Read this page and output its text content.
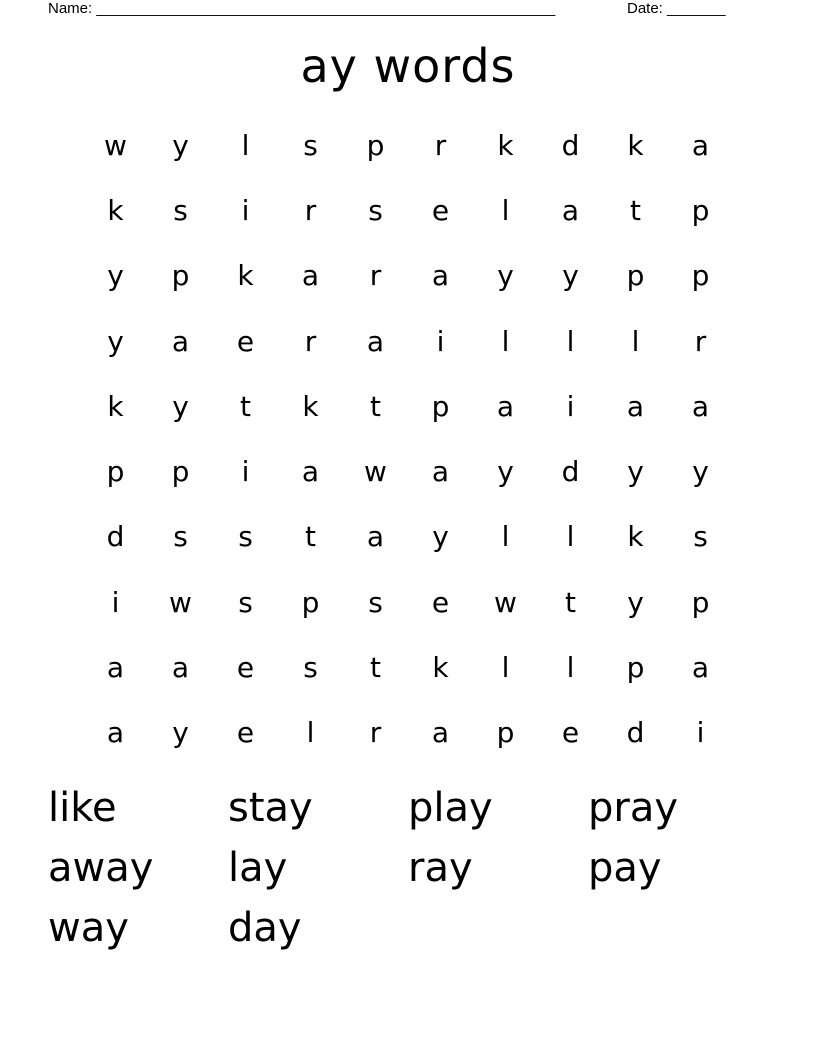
Name: _______________________________________________________	Date: _______
ay words
w	y	l	s	p	r	k	d	k	a
k	s	i	r	s	e	l	a	t	p
y	p	k	a	r	a	y	y	p	p
y	a	e	r	a	i	l	l	l	r
k	y	t	k	t	p	a	i	a	a
p	p	i	a	w	a	y	d	y	y
d	s	s	t	a	y	l	l	k	s
i	w	s	p	s	e	w	t	y	p
a	a	e	s	t	k	l	l	p	a
a	y	e	l	r	a	p	e	d	i
like	stay	play	pray
away	lay	ray	pay
way	day
